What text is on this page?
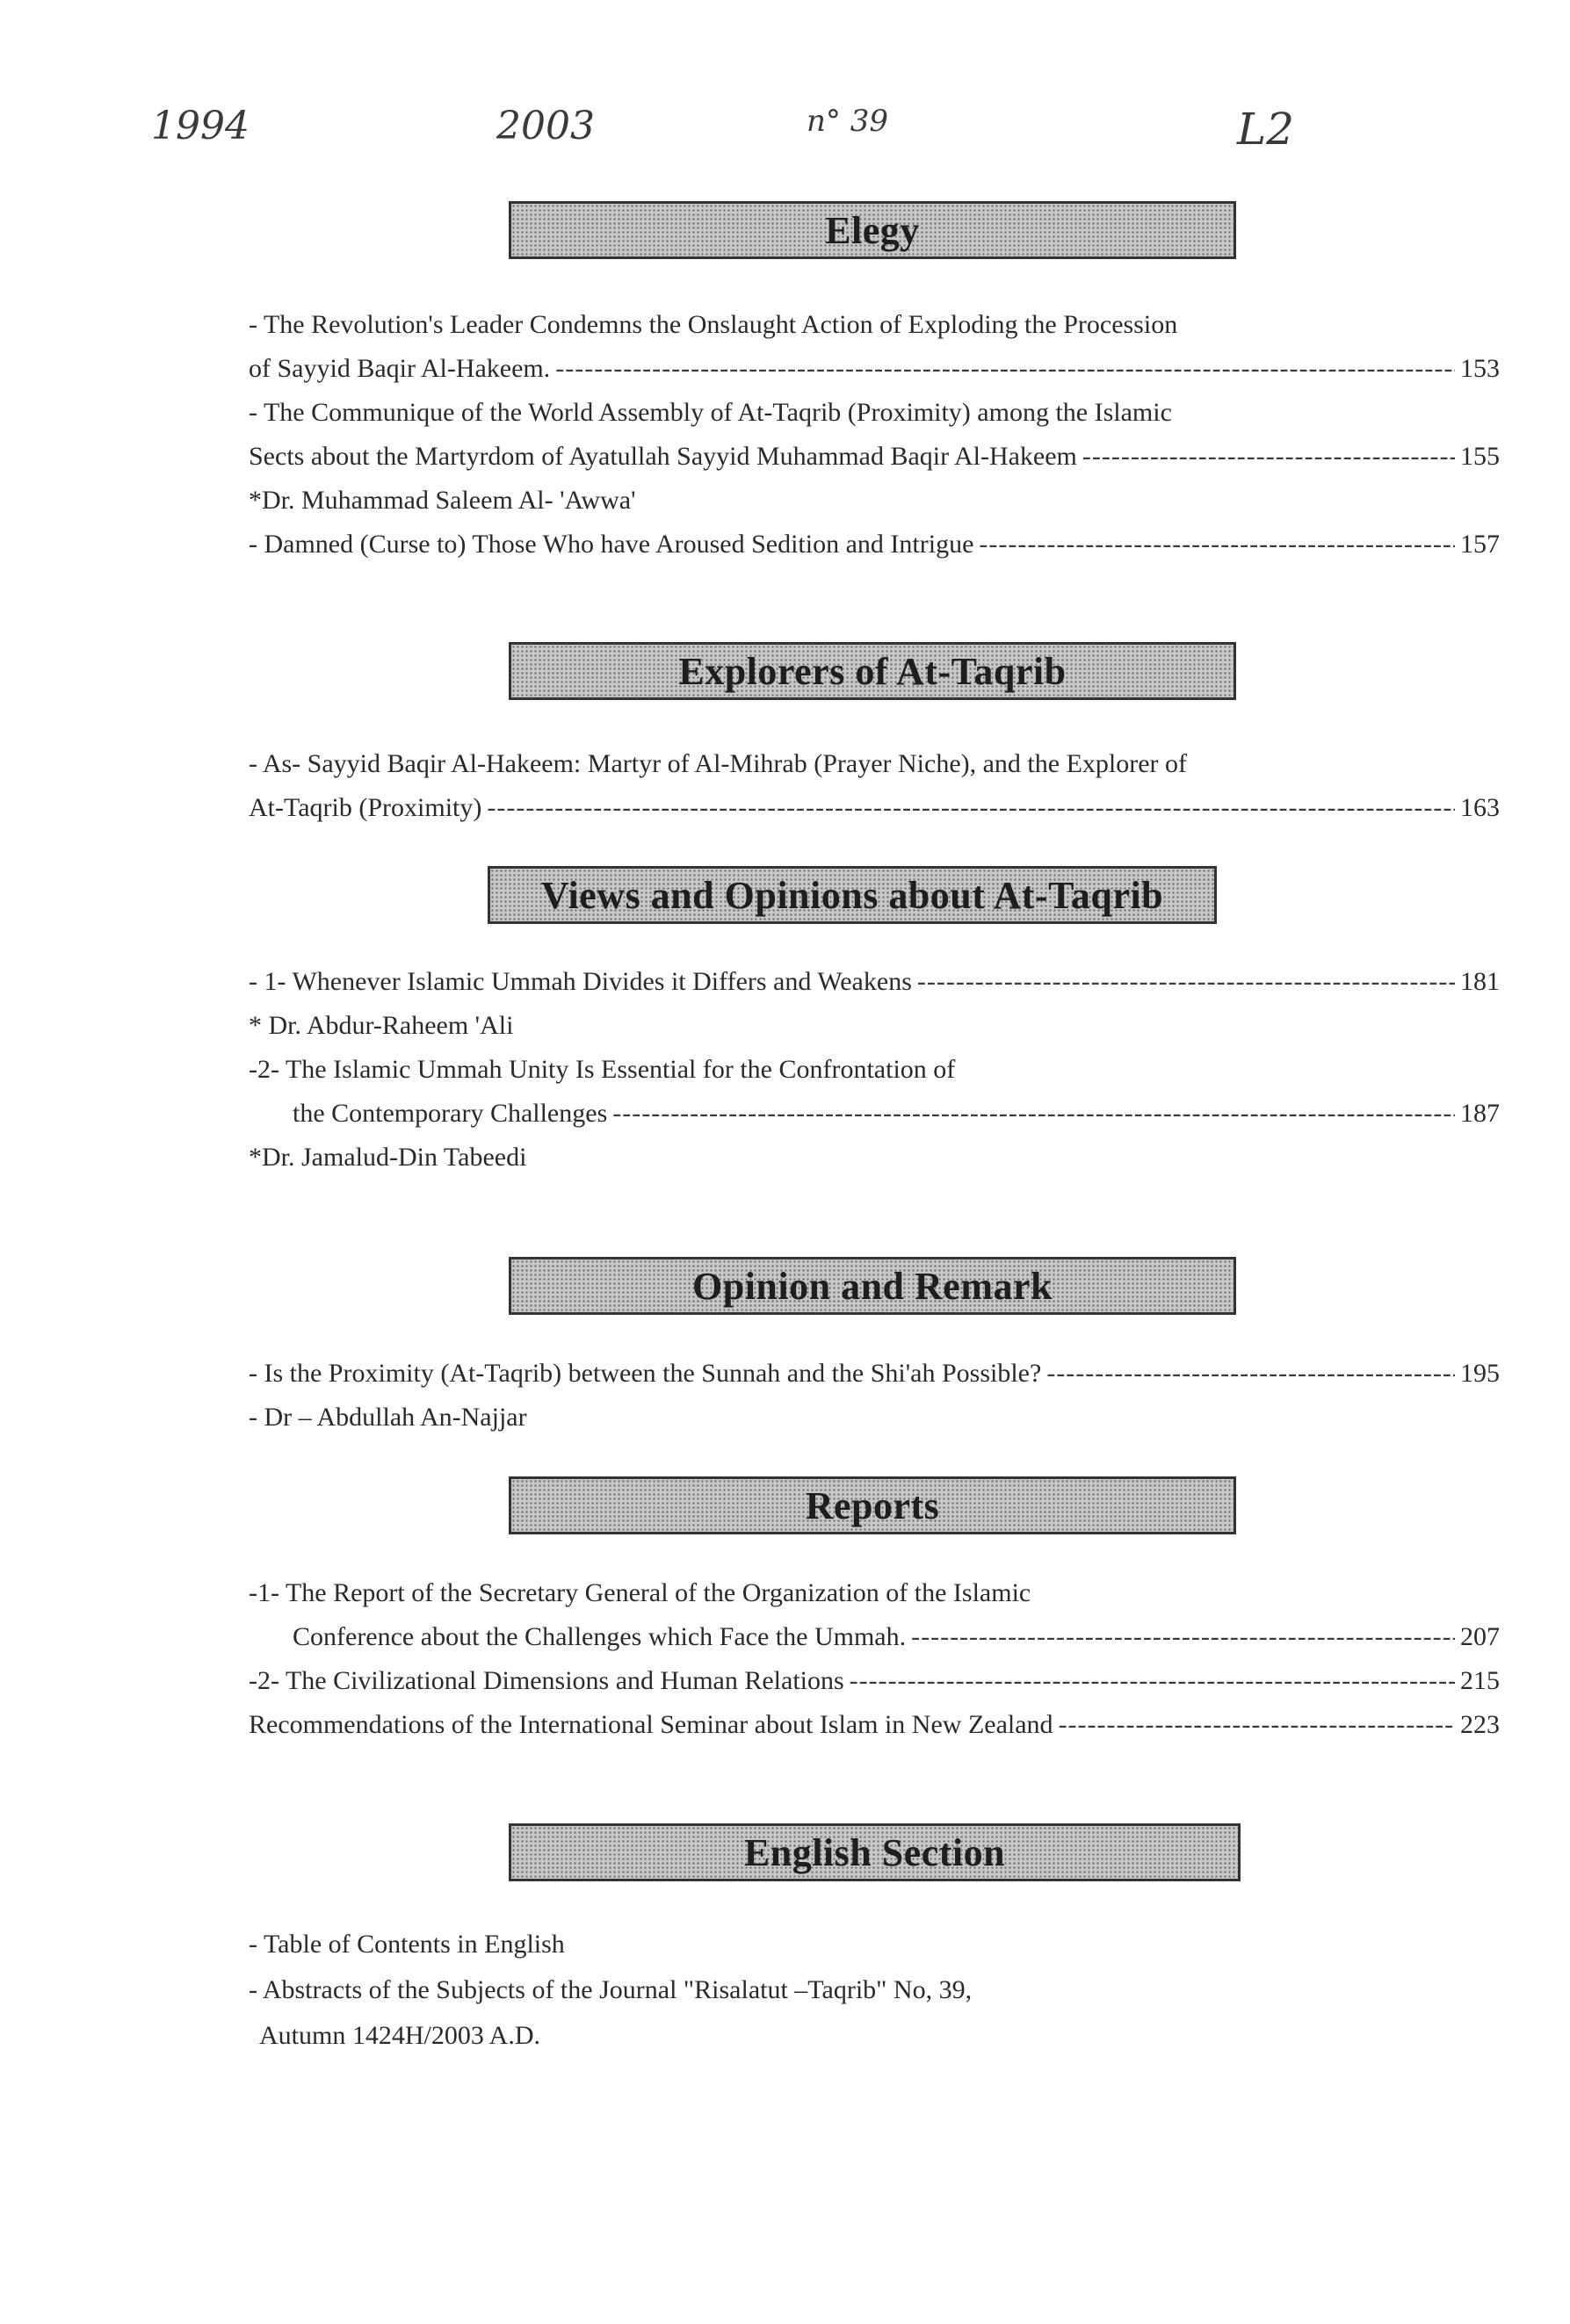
1994	2003	n° 39	L2
Elegy
- The Revolution's Leader Condemns the Onslaught Action of Exploding the Procession
of Sayyid Baqir Al-Hakeem. -----	153
- The Communique of the World Assembly of At-Taqrib (Proximity) among the Islamic
Sects about the Martyrdom of Ayatullah Sayyid Muhammad Baqir Al-Hakeem -----	155
*Dr. Muhammad Saleem Al- 'Awwa'
- Damned (Curse to) Those Who have Aroused Sedition and Intrigue -----	157
Explorers of At-Taqrib
- As- Sayyid Baqir Al-Hakeem: Martyr of Al-Mihrab (Prayer Niche), and the Explorer of
At-Taqrib (Proximity) -----	163
Views and Opinions about At-Taqrib
- 1- Whenever Islamic Ummah Divides it Differs and Weakens -----	181
* Dr. Abdur-Raheem 'Ali
-2- The Islamic Ummah Unity Is Essential for the Confrontation of
the Contemporary Challenges -----	187
*Dr. Jamalud-Din Tabeedi
Opinion and Remark
- Is the Proximity (At-Taqrib) between the Sunnah and the Shi'ah Possible? -----	195
- Dr – Abdullah An-Najjar
Reports
-1- The Report of the Secretary General of the Organization of the Islamic
Conference about the Challenges which Face the Ummah. -----	207
-2- The Civilizational Dimensions and Human Relations -----	215
Recommendations of the International Seminar about Islam in New Zealand -----	223
English Section
- Table of Contents in English
- Abstracts of the Subjects of the Journal "Risalatut –Taqrib" No, 39,
Autumn 1424H/2003 A.D.
